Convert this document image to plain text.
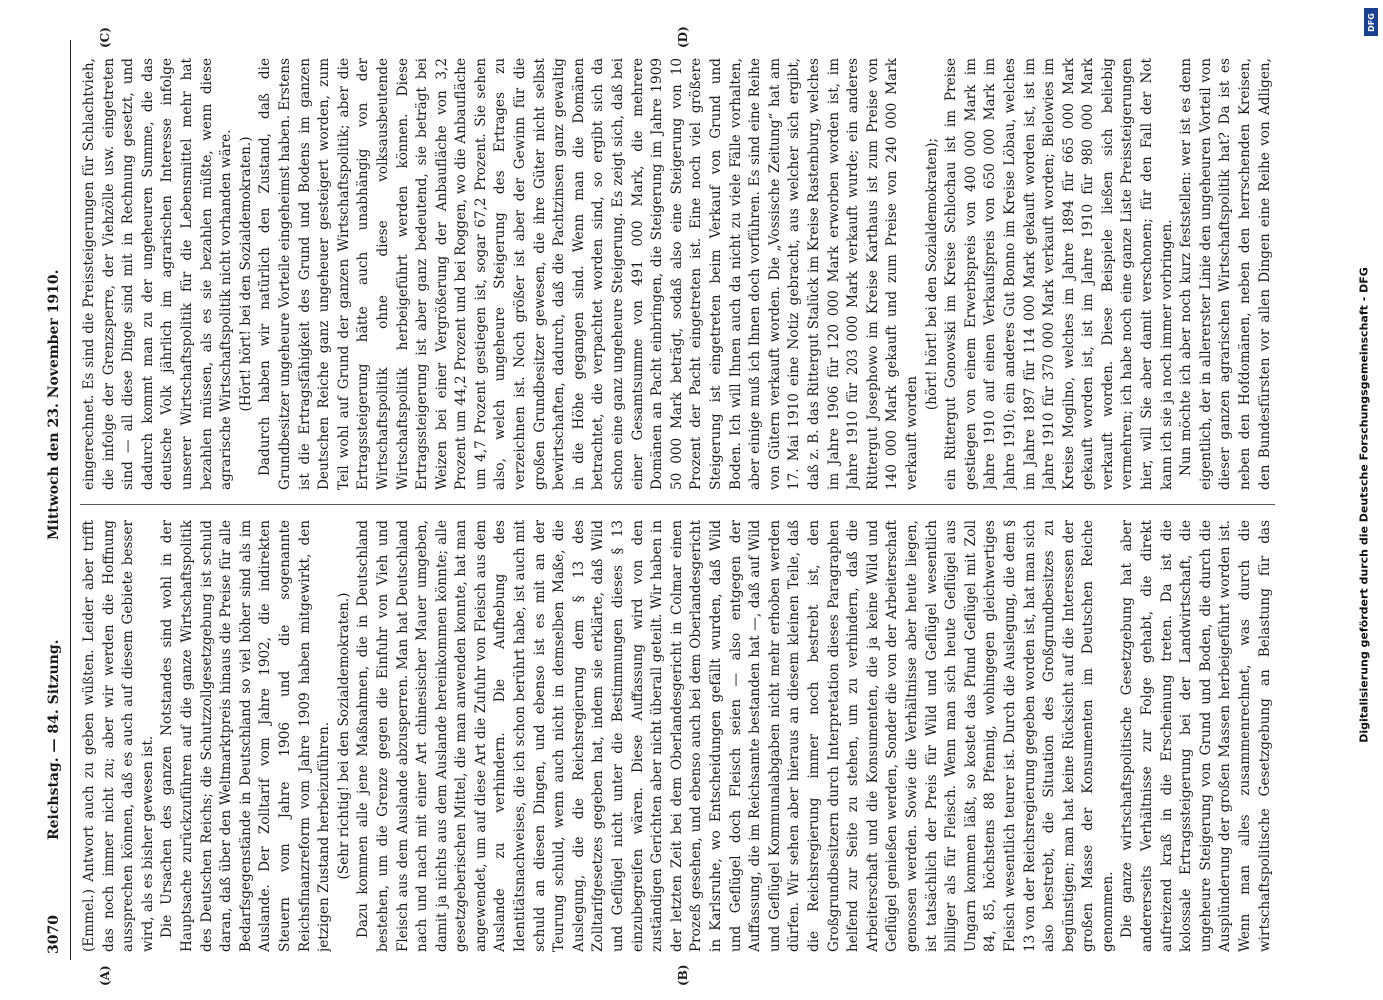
3070
Reichstag. — 84. Sitzung.
Mittwoch den 23. November 1910.
(A)	(B)
(C)	(D)

(Emmel.) Antwort auch zu geben wüßten. Leider aber trifft das noch immer nicht zu; aber wir werden die Hoffnung aussprechen können, daß es auch auf diesem Gebiete besser wird, als es bisher gewesen ist. Die Ursachen des ganzen Notstandes sind wohl in der Hauptsache zurückzuführen auf die ganze Wirtschaftspolitik des Deutschen Reichs; die Schutzzollgesetzgebung ist schuld daran, daß über den Weltmarktpreis hinaus die Preise für alle Bedarfsgegenstände in Deutschland so viel höher sind als im Auslande. Der Zolltarif vom Jahre 1902, die indirekten Steuern vom Jahre 1906 und die sogenannte Reichsfinanzreform vom Jahre 1909 haben mitgewirkt, den jetzigen Zustand herbeizuführen. (Sehr richtig! bei den Sozialdemokraten.) Dazu kommen alle jene Maßnahmen, die in Deutschland bestehen, um die Grenze gegen die Einfuhr von Vieh und Fleisch aus dem Auslande abzusperren. Man hat Deutschland nach und nach mit einer Art chinesischer Mauer umgeben, damit ja nichts aus dem Auslande hereinkommen könnte; alle gesetzgeberischen Mittel, die man anwenden konnte, hat man angewendet, um auf diese Art die Zufuhr von Fleisch aus dem Auslande zu verhindern. Die Aufhebung des Identitätsnachweises, die ich schon berührt habe, ist auch mit schuld an diesen Dingen, und ebenso ist es mit an der Teurung schuld, wenn auch nicht in demselben Maße, die Auslegung, die die Reichsregierung dem § 13 des Zolltarifgesetzes gegeben hat, indem sie erklärte, daß Wild und Geflügel nicht unter die Bestimmungen dieses § 13 einzubegreifen wären. Diese Auffassung wird von den zuständigen Gerichten aber nicht überall geteilt. Wir haben in der letzten Zeit bei dem Oberlandesgericht in Colmar einen Prozeß gesehen, und ebenso auch bei dem Oberlandesgericht in Karlsruhe, wo Entscheidungen gefällt wurden, daß Wild und Geflügel doch Fleisch seien — also entgegen der Auffassung, die im Reichsamte bestanden hat —, daß auf Wild und Geflügel Kommunalabgaben nicht mehr erhoben werden dürfen. Wir sehen aber hieraus an diesem kleinen Teile, daß die Reichsregierung immer noch bestrebt ist, den Großgrundbesitzern durch Interpretation dieses Paragraphen helfend zur Seite zu stehen, um zu verhindern, daß die Arbeiterschaft und die Konsumenten, die ja keine Wild und Geflügel genießen werden, Sonder die von der Arbeiterschaft genossen werden. Sowie die Verhältnisse aber heute liegen, ist tatsächlich der Preis für Wild und Geflügel wesentlich billiger als für Fleisch. Wenn man sich heute Geflügel aus Ungarn kommen läßt, so kostet das Pfund Geflügel mit Zoll 84, 85, höchstens 88 Pfennig, wohingegen gleichwertiges Fleisch wesentlich teurer ist. Durch die Auslegung, die dem § 13 von der Reichsregierung gegeben worden ist, hat man sich also bestrebt, die Situation des Großgrundbesitzes zu begünstigen; man hat keine Rücksicht auf die Interessen der großen Masse der Konsumenten im Deutschen Reiche genommen. Die ganze wirtschaftspolitische Gesetzgebung hat aber andererseits Verhältnisse zur Folge gehabt, die direkt aufreizend kraß in die Erscheinung treten. Da ist die kolossale Ertragssteigerung bei der Landwirtschaft, die ungeheure Steigerung von Grund und Boden, die durch die Ausplünderung der großen Massen herbeigeführt worden ist. Wenn man alles zusammenrechnet, was durch die wirtschaftspolitische Gesetzgebung an Belastung für das

eingerechnet. Es sind die Preissteigerungen für Schlachtvieh, die infolge der Grenzsperre, der Viehzölle usw. eingetreten sind — all diese Dinge sind mit in Rechnung gesetzt, und dadurch kommt man zu der ungeheuren Summe, die das deutsche Volk jährlich im agrarischen Interesse infolge unserer Wirtschaftspolitik für die Lebensmittel mehr hat bezahlen müssen, als es sie bezahlen müßte, wenn diese agrarische Wirtschaftspolitik nicht vorhanden wäre. (Hört! hört! bei den Sozialdemokraten.) Dadurch haben wir natürlich den Zustand, daß die Grundbesitzer ungeheure Vorteile eingeheimst haben. Erstens ist die Ertragsfähigkeit des Grund und Bodens im ganzen Deutschen Reiche ganz ungeheuer gesteigert worden, zum Teil wohl auf Grund der ganzen Wirtschaftspolitik; aber die Ertragssteigerung hätte auch unabhängig von der Wirtschaftspolitik ohne diese volksausbeutende Wirtschaftspolitik herbeigeführt werden können. Diese Ertragssteigerung ist aber ganz bedeutend, sie beträgt bei Weizen bei einer Vergrößerung der Anbaufläche von 3,2 Prozent um 44,2 Prozent und bei Roggen, wo die Anbaufläche um 4,7 Prozent gestiegen ist, sogar 67,2 Prozent. Sie sehen also, welch ungeheure Steigerung des Ertrages zu verzeichnen ist. Noch größer ist aber der Gewinn für die großen Grundbesitzer gewesen, die ihre Güter nicht selbst bewirtschaften, dadurch, daß die Pachtzinsen ganz gewaltig in die Höhe gegangen sind. Wenn man die Domänen betrachtet, die verpachtet worden sind, so ergibt sich da schon eine ganz ungeheure Steigerung. Es zeigt sich, daß bei einer Gesamtsumme von 491 000 Mark, die mehrere Domänen an Pacht einbringen, die Steigerung im Jahre 1909 50 000 Mark beträgt, sodaß also eine Steigerung von 10 Prozent der Pacht eingetreten ist. Eine noch viel größere Steigerung ist eingetreten beim Verkauf von Grund und Boden. Ich will Ihnen auch da nicht zu viele Fälle vorhalten, aber einige muß ich Ihnen doch vorführen. Es sind eine Reihe von Gütern verkauft worden. Die „Vossische Zeitung“ hat am 17. Mai 1910 eine Notiz gebracht, aus welcher sich ergibt, daß z. B. das Rittergut Stalück im Kreise Rastenburg, welches im Jahre 1906 für 120 000 Mark erworben worden ist, im Jahre 1910 für 203 000 Mark verkauft wurde; ein anderes Rittergut Josephowo im Kreise Karthaus ist zum Preise von 140 000 Mark gekauft und zum Preise von 240 000 Mark verkauft worden

(hört! hört! bei den Sozialdemokraten); ein Rittergut Gonowski im Kreise Schlochau ist im Preise gestiegen von einem Erwerbspreis von 400 000 Mark im Jahre 1910 auf einen Verkaufspreis von 650 000 Mark im Jahre 1910; ein anderes Gut Bonno im Kreise Löbau, welches im Jahre 1897 für 114 000 Mark gekauft worden ist, ist im Jahre 1910 für 370 000 Mark verkauft worden; Bielowies im Kreise Mogilno, welches im Jahre 1894 für 665 000 Mark gekauft worden ist, ist im Jahre 1910 für 980 000 Mark verkauft worden. Diese Beispiele ließen sich beliebig vermehren; ich habe noch eine ganze Liste Preissteigerungen hier, will Sie aber damit verschonen; für den Fall der Not kann ich sie ja noch immer vorbringen. Nun möchte ich aber noch kurz feststellen: wer ist es denn eigentlich, der in allererster Linie den ungeheuren Vorteil von dieser ganzen agrarischen Wirtschaftspolitik hat? Da ist es neben den Hofdomänen, neben den herrschenden Kreisen, den Bundesfürsten vor allen Dingen eine Reihe von Adligen,

DFG
Digitalisierung gefördert durch die Deutsche Forschungsgemeinschaft - DFG
